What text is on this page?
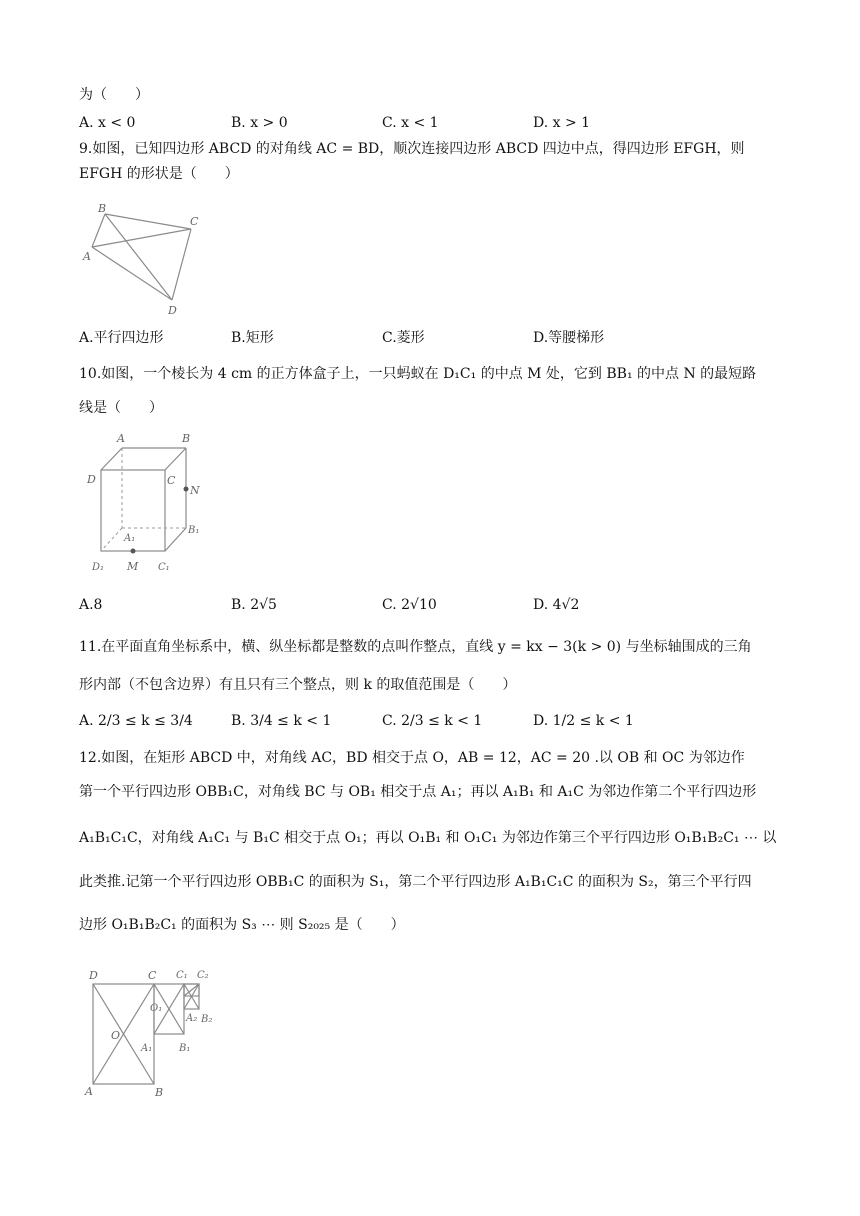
为（　　）
A. x < 0	B. x > 0	C. x < 1	D. x > 1
9.如图，已知四边形 ABCD 的对角线 AC = BD，顺次连接四边形 ABCD 四边中点，得四边形 EFGH，则
EFGH 的形状是（　　）
B
C
A
D
A.平行四边形	B.矩形	C.菱形	D.等腰梯形
10.如图，一个棱长为 4 cm 的正方体盒子上，一只蚂蚁在 D₁C₁ 的中点 M 处，它到 BB₁ 的中点 N 的最短路
线是（　　）
A	B
D	C
N
B₁
A₁
D₁ M C₁
A.8	B. 2√5	C. 2√10	D. 4√2
11.在平面直角坐标系中，横、纵坐标都是整数的点叫作整点，直线 y = kx − 3(k > 0) 与坐标轴围成的三角
形内部（不包含边界）有且只有三个整点，则 k 的取值范围是（　　）
A. 2/3 ≤ k ≤ 3/4	B. 3/4 ≤ k < 1	C. 2/3 ≤ k < 1	D. 1/2 ≤ k < 1
12.如图，在矩形 ABCD 中，对角线 AC，BD 相交于点 O，AB = 12，AC = 20 .以 OB 和 OC 为邻边作
第一个平行四边形 OBB₁C，对角线 BC 与 OB₁ 相交于点 A₁；再以 A₁B₁ 和 A₁C 为邻边作第二个平行四边形
A₁B₁C₁C，对角线 A₁C₁ 与 B₁C 相交于点 O₁；再以 O₁B₁ 和 O₁C₁ 为邻边作第三个平行四边形 O₁B₁B₂C₁ ⋯ 以
此类推.记第一个平行四边形 OBB₁C 的面积为 S₁，第二个平行四边形 A₁B₁C₁C 的面积为 S₂，第三个平行四
边形 O₁B₁B₂C₁ 的面积为 S₃ ⋯ 则 S₂₀₂₅ 是（　　）
D	C C₁ C₂
O₁
A₂ B₂
O
A₁	B₁
A	B
